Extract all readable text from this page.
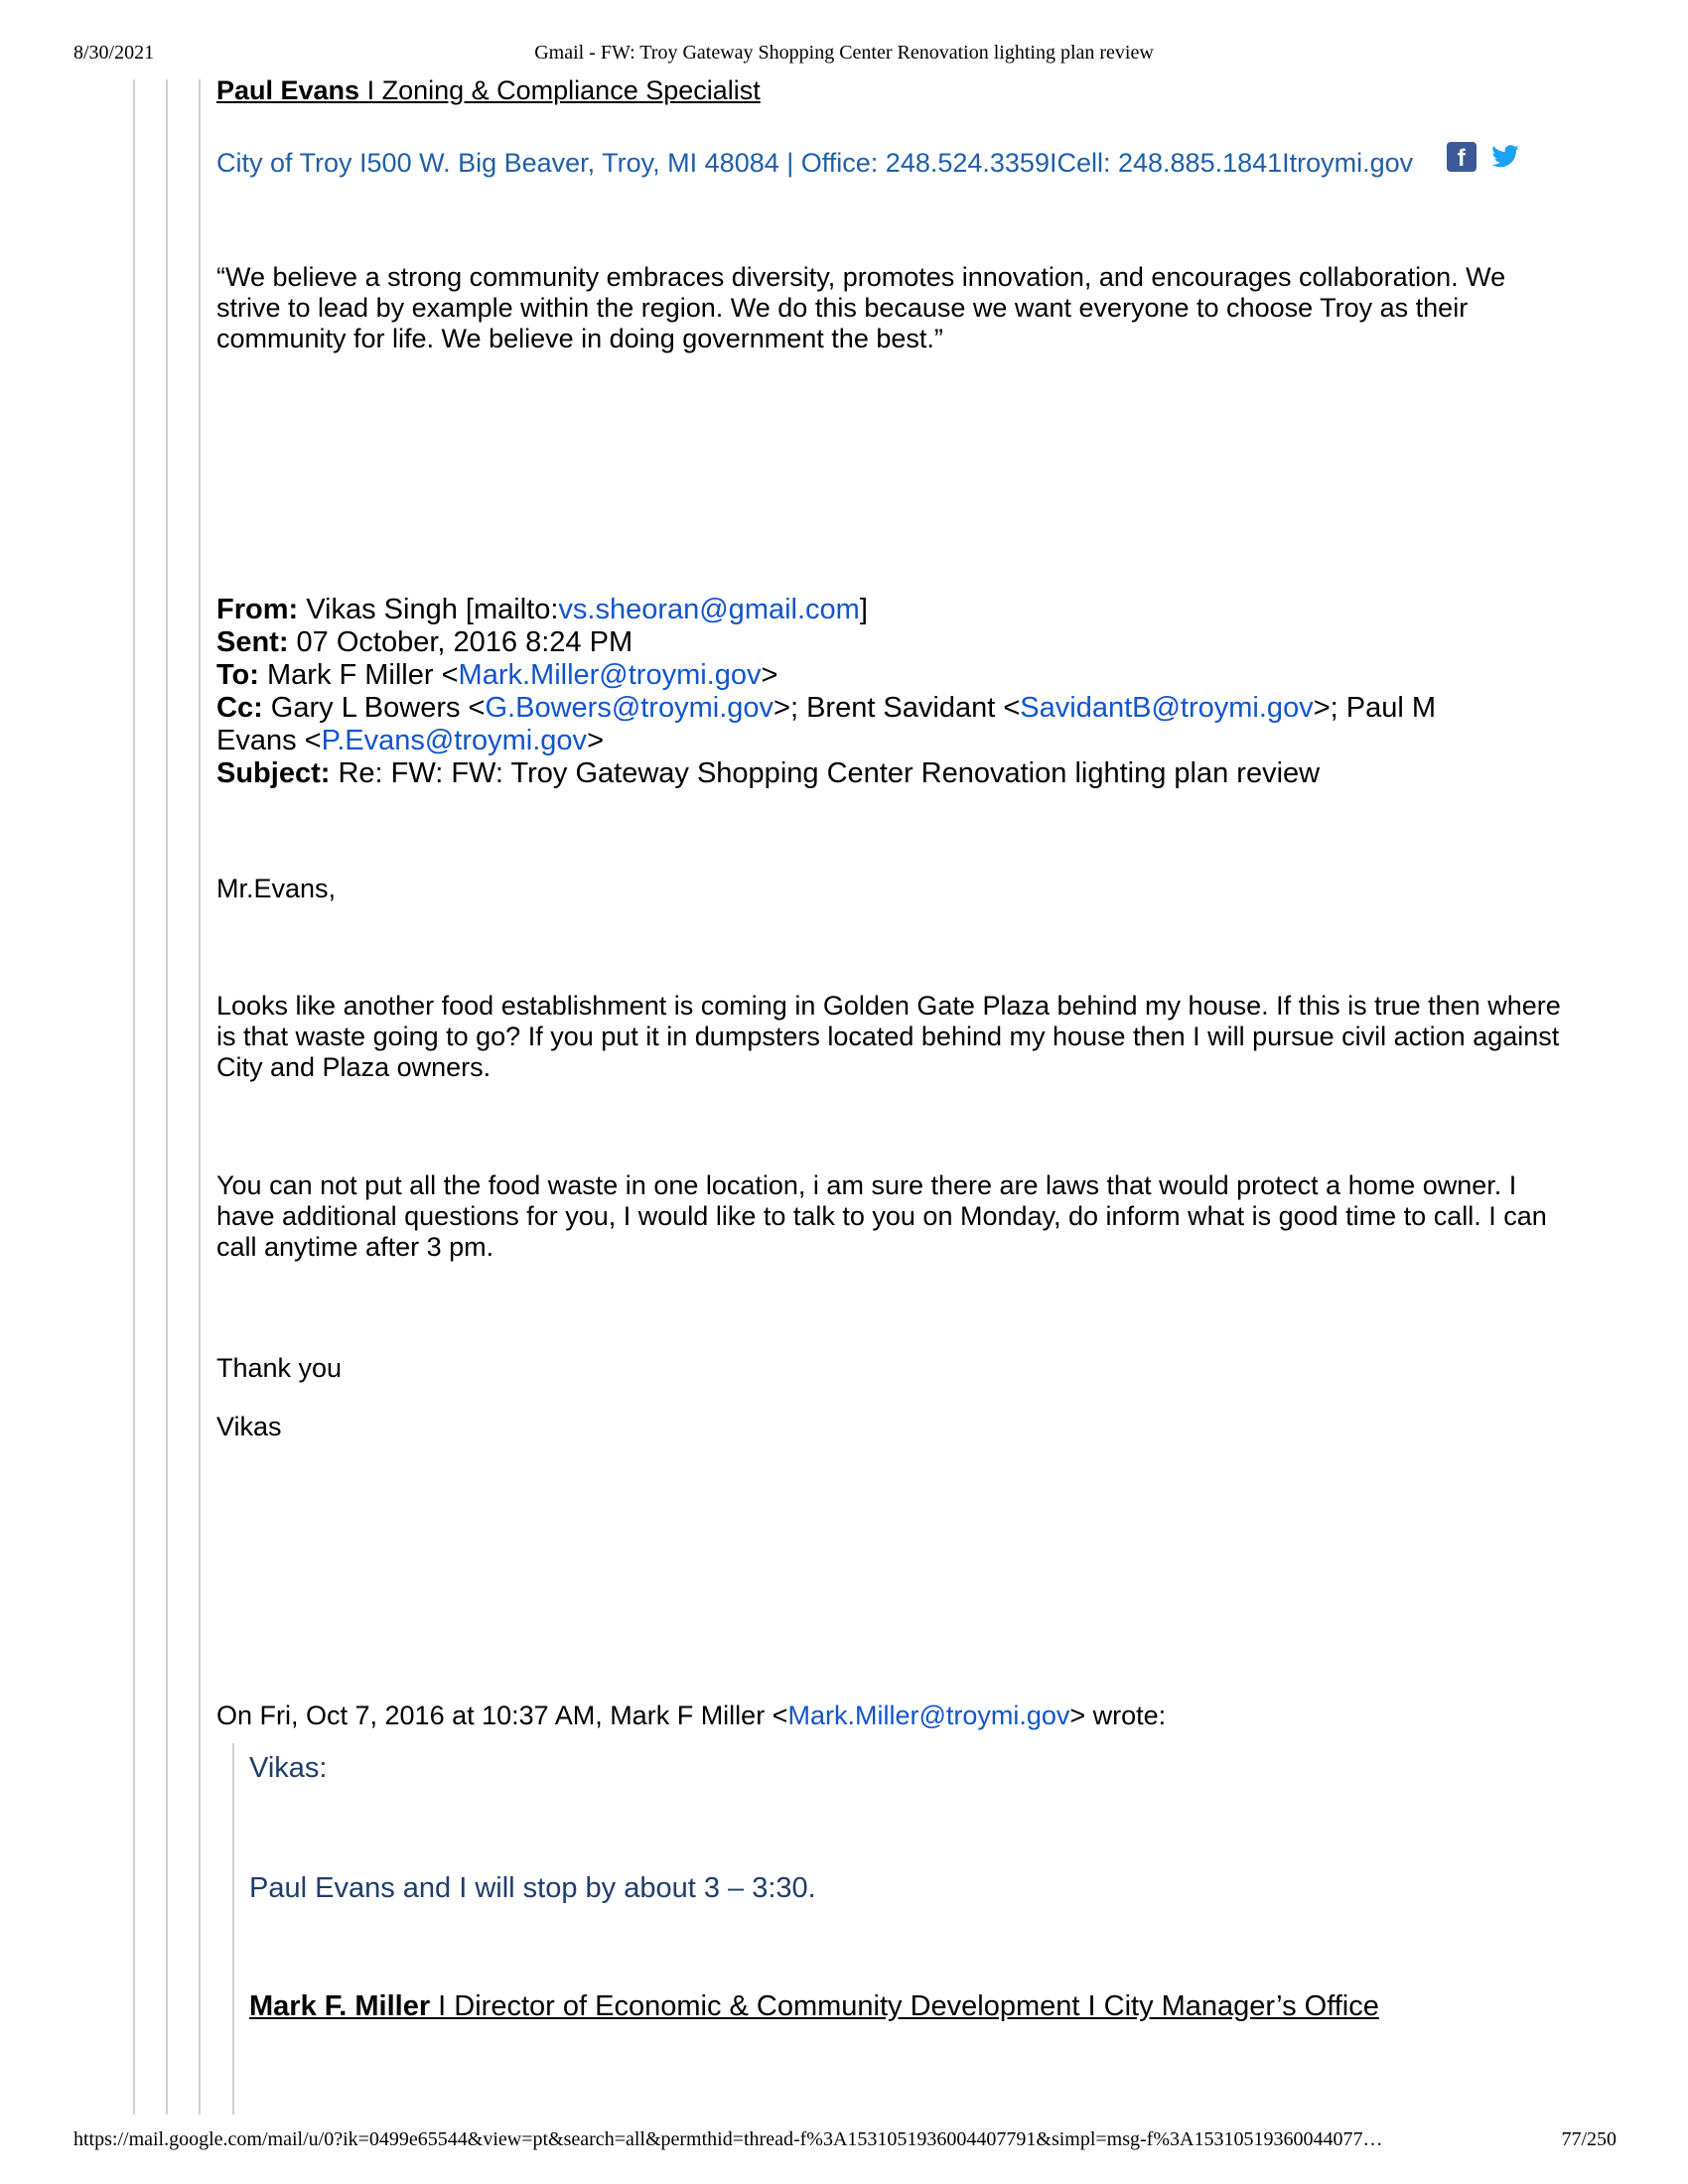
8/30/2021	Gmail - FW: Troy Gateway Shopping Center Renovation lighting plan review
Paul Evans I Zoning & Compliance Specialist
City of Troy I500 W. Big Beaver, Troy, MI 48084 | Office: 248.524.3359ICell: 248.885.1841Itroymi.gov f
“We believe a strong community embraces diversity, promotes innovation, and encourages collaboration. We
strive to lead by example within the region. We do this because we want everyone to choose Troy as their
community for life. We believe in doing government the best.”
From: Vikas Singh [mailto:vs.sheoran@gmail.com]
Sent: 07 October, 2016 8:24 PM
To: Mark F Miller <Mark.Miller@troymi.gov>
Cc: Gary L Bowers <G.Bowers@troymi.gov>; Brent Savidant <SavidantB@troymi.gov>; Paul M
Evans <P.Evans@troymi.gov>
Subject: Re: FW: FW: Troy Gateway Shopping Center Renovation lighting plan review
Mr.Evans,
Looks like another food establishment is coming in Golden Gate Plaza behind my house. If this is true then where
is that waste going to go? If you put it in dumpsters located behind my house then I will pursue civil action against
City and Plaza owners.
You can not put all the food waste in one location, i am sure there are laws that would protect a home owner. I
have additional questions for you, I would like to talk to you on Monday, do inform what is good time to call. I can
call anytime after 3 pm.
Thank you
Vikas
On Fri, Oct 7, 2016 at 10:37 AM, Mark F Miller <Mark.Miller@troymi.gov> wrote:
Vikas:
Paul Evans and I will stop by about 3 – 3:30.
Mark F. Miller I Director of Economic & Community Development I City Manager’s Office
https://mail.google.com/mail/u/0?ik=0499e65544&view=pt&search=all&permthid=thread-f%3A1531051936004407791&simpl=msg-f%3A15310519360044077…	77/250
